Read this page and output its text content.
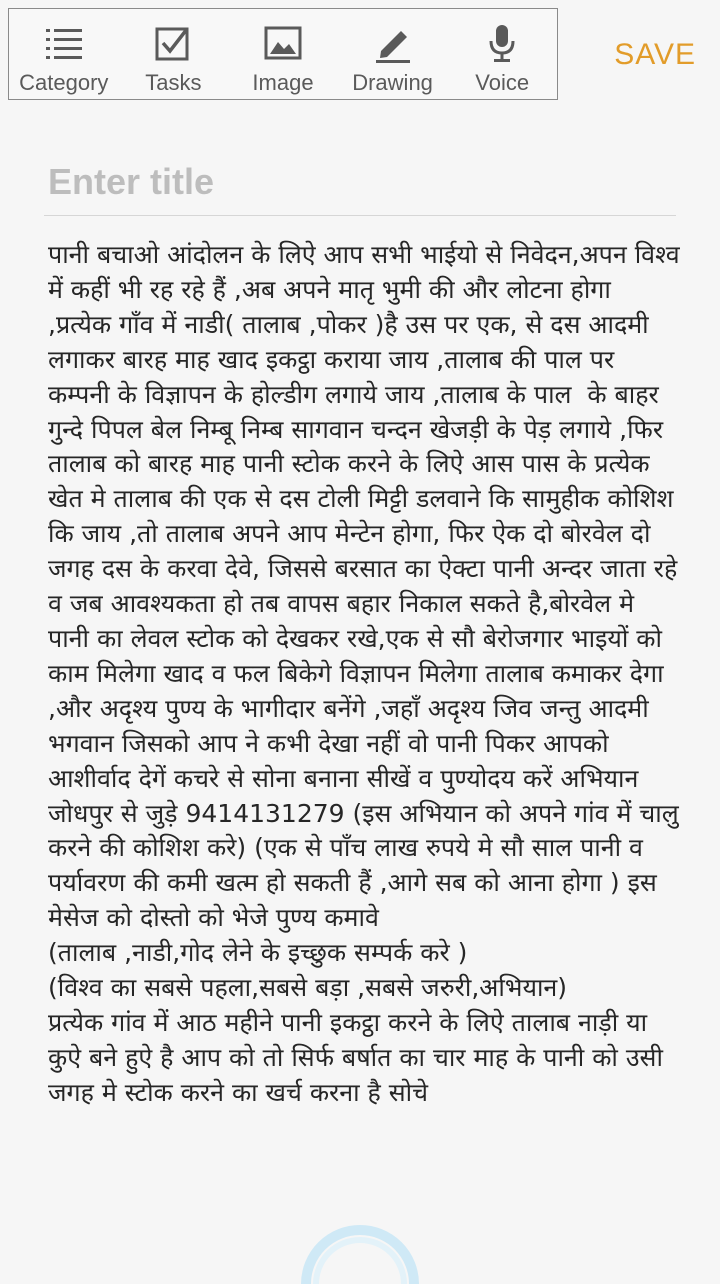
Category Tasks Image Drawing Voice
SAVE
Enter title
पानी बचाओ आंदोलन के लिऐ आप सभी भाईयो से निवेदन,अपन विश्व में कहीं भी रह रहे हैं ,अब अपने मातृ भुमी की और लोटना होगा ,प्रत्येक गाँव में नाडी( तालाब ,पोकर )है उस पर एक, से दस आदमी लगाकर बारह माह खाद इकट्ठा कराया जाय ,तालाब की पाल पर कम्पनी के विज्ञापन के होल्डीग लगाये जाय ,तालाब के पाल  के बाहर गुन्दे पिपल बेल निम्बू निम्ब सागवान चन्दन खेजड़ी के पेड़ लगाये ,फिर तालाब को बारह माह पानी स्टोक करने के लिऐ आस पास के प्रत्येक खेत मे तालाब की एक से दस टोली मिट्टी डलवाने कि सामुहीक कोशिश कि जाय ,तो तालाब अपने आप मेन्टेन होगा, फिर ऐक दो बोरवेल दो जगह दस के करवा देवे, जिससे बरसात का ऐक्टा पानी अन्दर जाता रहे व जब आवश्यकता हो तब वापस बहार निकाल सकते है,बोरवेल मे पानी का लेवल स्टोक को देखकर रखे,एक से सौ बेरोजगार भाइयों को काम मिलेगा खाद व फल बिकेगे विज्ञापन मिलेगा तालाब कमाकर देगा ,और अदृश्य पुण्य के भागीदार बनेंगे ,जहाँ अदृश्य जिव जन्तु आदमी भगवान जिसको आप ने कभी देखा नहीं वो पानी पिकर आपको आशीर्वाद देगें कचरे से सोना बनाना सीखें व पुण्योदय करें अभियान जोधपुर से जुड़े 9414131279 (इस अभियान को अपने गांव में चालु करने की कोशिश करे) (एक से पाँच लाख रुपये मे सौ साल पानी व पर्यावरण की कमी खत्म हो सकती हैं ,आगे सब को आना होगा ) इस मेसेज को दोस्तो को भेजे पुण्य कमावे
(तालाब ,नाडी,गोद लेने के इच्छुक सम्पर्क करे )
(विश्व का सबसे पहला,सबसे बड़ा ,सबसे जरुरी,अभियान)
प्रत्येक गांव में आठ महीने पानी इकट्ठा करने के लिऐ तालाब नाड़ी या कुऐ बने हुऐ है आप को तो सिर्फ बर्षात का चार माह के पानी को उसी जगह मे स्टोक करने का खर्च करना है सोचे
